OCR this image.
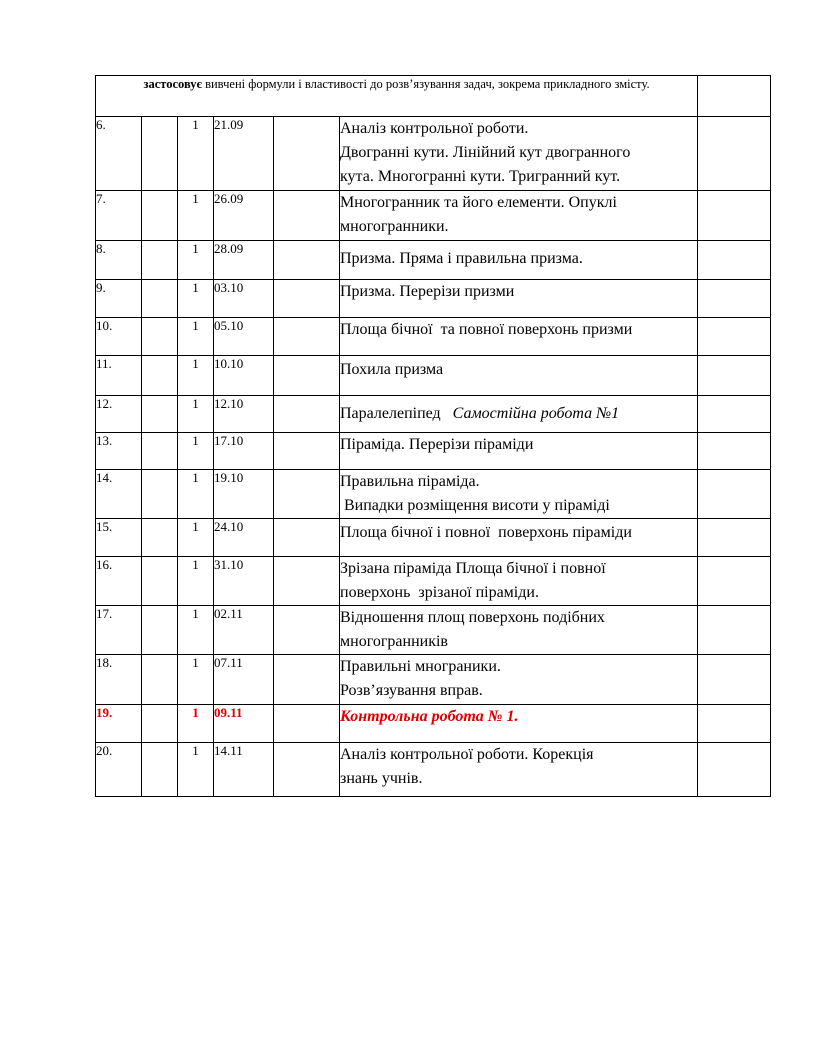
застосовує вивчені формули і властивості до розв’язування задач, зокрема прикладного змісту.						
6.		1	21.09		Аналіз контрольної роботи.
Двогранні кути. Лінійний кут двогранного
кута. Многогранні кути. Тригранний кут.	

7.		1	26.09		Многогранник та його елементи. Опуклі
многогранники.	

8.		1	28.09		Призма. Пряма і правильна призма.	

9.		1	03.10		Призма. Перерізи призми	

10.		1	05.10		Площа бічної  та повної поверхонь призми	

11.		1	10.10		Похила призма	

12.		1	12.10		Паралелепіпед Самостійна робота №1	
13.		1	17.10		Піраміда. Перерізи піраміди	

14.		1	19.10		Правильна піраміда.
Випадки розміщення висоти у піраміді	

15.		1	24.10		Площа бічної і повної  поверхонь піраміди	

16.		1	31.10		Зрізана піраміда Площа бічної і повної
поверхонь  зрізаної піраміди.	

17.		1	02.11		Відношення площ поверхонь подібних
многогранників	

18.		1	07.11		Правильні многраники.
Розв’язування вправ.	

19.		1	09.11		Контрольна робота № 1.	

20.		1	14.11		Аналіз контрольної роботи. Корекція
знань учнів.	
